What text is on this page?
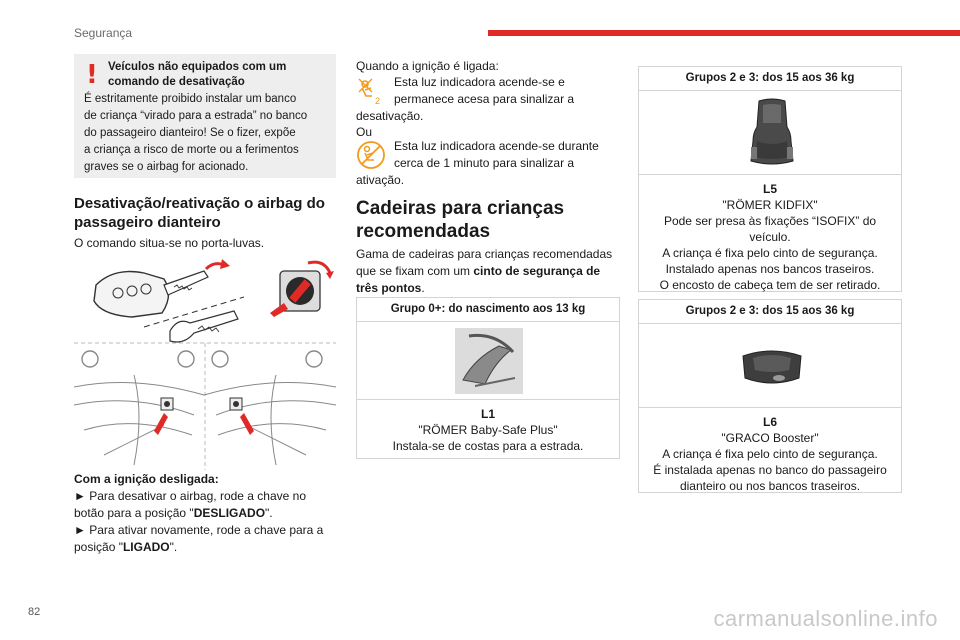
Segurança
! Veículos não equipados com um
comando de desativação
É estritamente proibido instalar um banco
de criança “virado para a estrada” no banco
do passageiro dianteiro! Se o fizer, expõe
a criança a risco de morte ou a ferimentos
graves se o airbag for acionado.
Desativação/reativação o airbag do
passageiro dianteiro
O comando situa-se no porta-luvas.
Com a ignição desligada:
► Para desativar o airbag, rode a chave no
botão para a posição "DESLIGADO".
► Para ativar novamente, rode a chave para a
posição "LIGADO".
Quando a ignição é ligada:
2
Esta luz indicadora acende-se e
permanece acesa para sinalizar a
desativação.
Ou
Esta luz indicadora acende-se durante
cerca de 1 minuto para sinalizar a
ativação.
Cadeiras para crianças
recomendadas
Gama de cadeiras para crianças recomendadas
que se fixam com um cinto de segurança de
três pontos.
Grupo 0+: do nascimento aos 13 kg
L1
"RÖMER Baby-Safe Plus"
Instala-se de costas para a estrada.
Grupos 2 e 3: dos 15 aos 36 kg
L5
"RÖMER KIDFIX"
Pode ser presa às fixações “ISOFIX” do
veículo.
A criança é fixa pelo cinto de segurança.
Instalado apenas nos bancos traseiros.
O encosto de cabeça tem de ser retirado.
Grupos 2 e 3: dos 15 aos 36 kg
L6
"GRACO Booster"
A criança é fixa pelo cinto de segurança.
É instalada apenas no banco do passageiro
dianteiro ou nos bancos traseiros.
82	carmanualsonline.info
